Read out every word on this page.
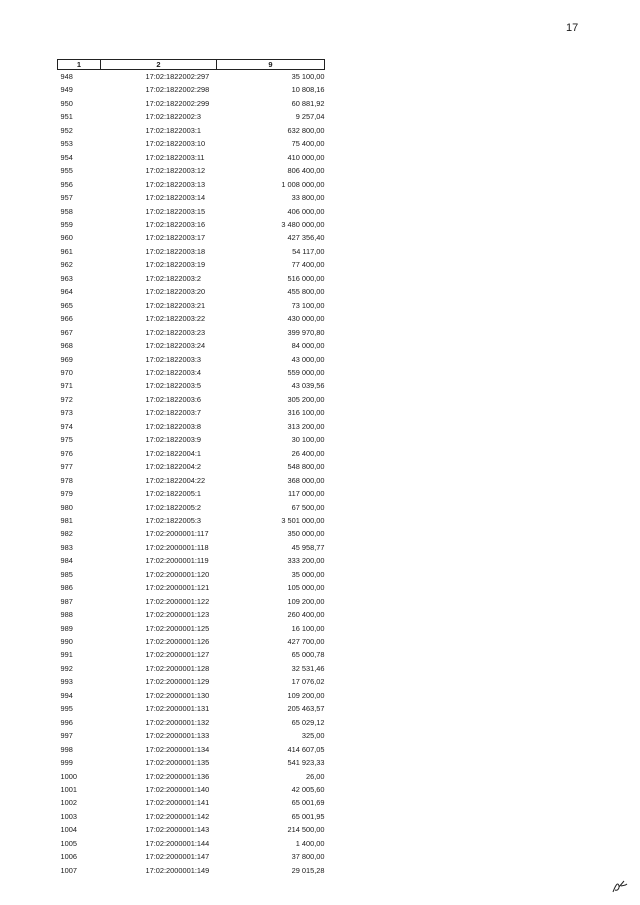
17
1	2	9
948	17:02:1822002:297	35 100,00
949	17:02:1822002:298	10 808,16
950	17:02:1822002:299	60 881,92
951	17:02:1822002:3	9 257,04
952	17:02:1822003:1	632 800,00
953	17:02:1822003:10	75 400,00
954	17:02:1822003:11	410 000,00
955	17:02:1822003:12	806 400,00
956	17:02:1822003:13	1 008 000,00
957	17:02:1822003:14	33 800,00
958	17:02:1822003:15	406 000,00
959	17:02:1822003:16	3 480 000,00
960	17:02:1822003:17	427 356,40
961	17:02:1822003:18	54 117,00
962	17:02:1822003:19	77 400,00
963	17:02:1822003:2	516 000,00
964	17:02:1822003:20	455 800,00
965	17:02:1822003:21	73 100,00
966	17:02:1822003:22	430 000,00
967	17:02:1822003:23	399 970,80
968	17:02:1822003:24	84 000,00
969	17:02:1822003:3	43 000,00
970	17:02:1822003:4	559 000,00
971	17:02:1822003:5	43 039,56
972	17:02:1822003:6	305 200,00
973	17:02:1822003:7	316 100,00
974	17:02:1822003:8	313 200,00
975	17:02:1822003:9	30 100,00
976	17:02:1822004:1	26 400,00
977	17:02:1822004:2	548 800,00
978	17:02:1822004:22	368 000,00
979	17:02:1822005:1	117 000,00
980	17:02:1822005:2	67 500,00
981	17:02:1822005:3	3 501 000,00
982	17:02:2000001:117	350 000,00
983	17:02:2000001:118	45 958,77
984	17:02:2000001:119	333 200,00
985	17:02:2000001:120	35 000,00
986	17:02:2000001:121	105 000,00
987	17:02:2000001:122	109 200,00
988	17:02:2000001:123	260 400,00
989	17:02:2000001:125	16 100,00
990	17:02:2000001:126	427 700,00
991	17:02:2000001:127	65 000,78
992	17:02:2000001:128	32 531,46
993	17:02:2000001:129	17 076,02
994	17:02:2000001:130	109 200,00
995	17:02:2000001:131	205 463,57
996	17:02:2000001:132	65 029,12
997	17:02:2000001:133	325,00
998	17:02:2000001:134	414 607,05
999	17:02:2000001:135	541 923,33
1000	17:02:2000001:136	26,00
1001	17:02:2000001:140	42 005,60
1002	17:02:2000001:141	65 001,69
1003	17:02:2000001:142	65 001,95
1004	17:02:2000001:143	214 500,00
1005	17:02:2000001:144	1 400,00
1006	17:02:2000001:147	37 800,00
1007	17:02:2000001:149	29 015,28
